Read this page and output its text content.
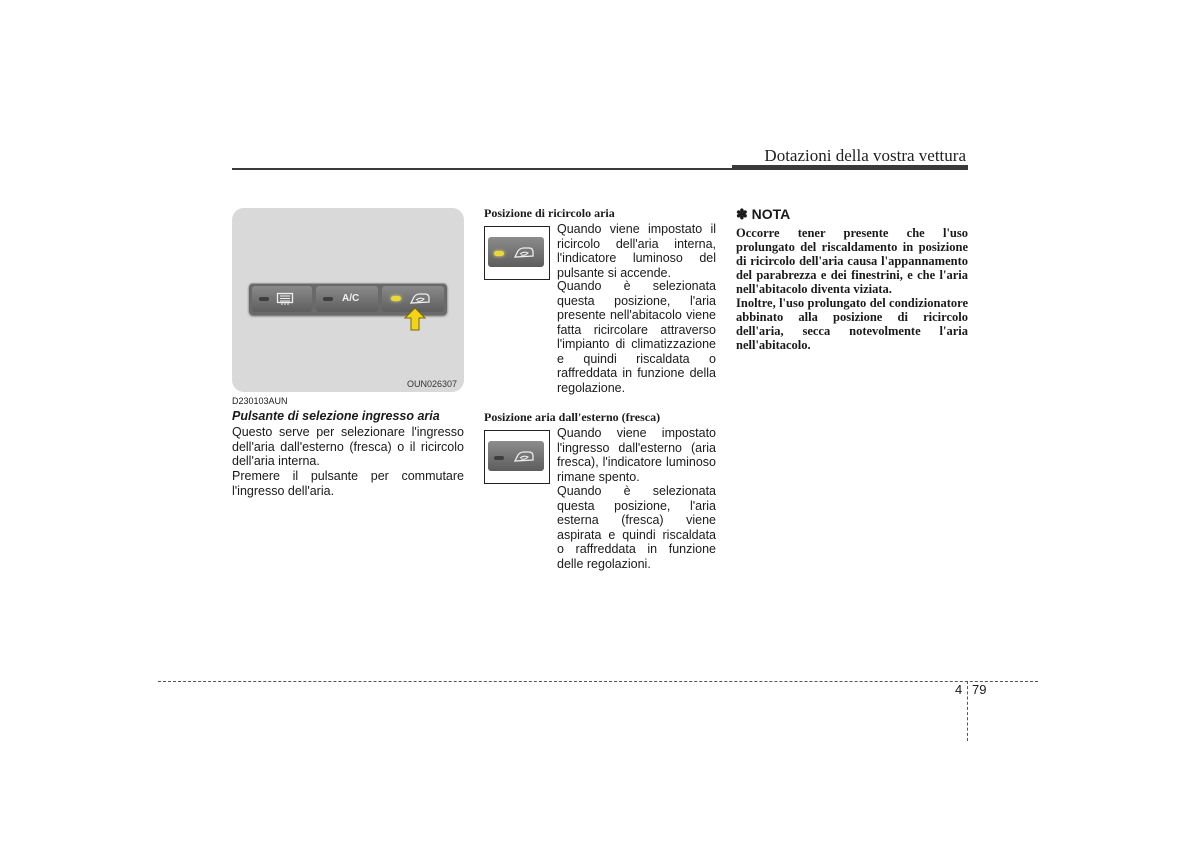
Dotazioni della vostra vettura
A/C
OUN026307
D230103AUN
Pulsante di selezione ingresso aria
Questo serve per selezionare l'ingresso dell'aria dall'esterno (fresca) o il ricircolo dell'aria interna.
Premere il pulsante per commutare l'ingresso dell'aria.
Posizione di ricircolo aria
Quando viene impostato il ricircolo dell'aria interna, l'indicatore luminoso del pulsante si accende.
Quando è selezionata questa posizione, l'aria presente nell'abitacolo viene fatta ricircolare attraverso l'impianto di climatizzazione e quindi riscaldata o raffreddata in funzione della regolazione.
Posizione aria dall'esterno (fresca)
Quando viene impostato l'ingresso dall'esterno (aria fresca), l'indicatore luminoso rimane spento.
Quando è selezionata questa posizione, l'aria esterna (fresca) viene aspirata e quindi riscaldata o raffreddata in funzione delle regolazioni.
✽ NOTA
Occorre tener presente che l'uso prolungato del riscaldamento in posizione di ricircolo dell'aria causa l'appannamento del parabrezza e dei finestrini, e che l'aria nell'abitacolo diventa viziata.
Inoltre, l'uso prolungato del condizionatore abbinato alla posizione di ricircolo dell'aria, secca notevolmente l'aria nell'abitacolo.
4 79
